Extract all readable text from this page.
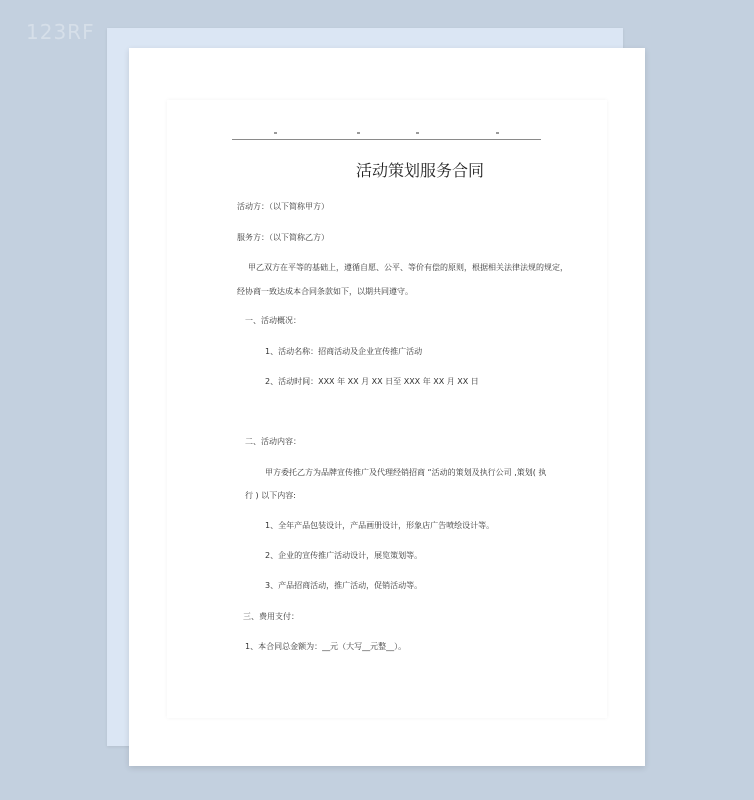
123RF
活动策划服务合同
活动方：（以下简称甲方）
服务方：（以下简称乙方）
甲乙双方在平等的基础上，遵循自愿、公平、等价有偿的原则，根据相关法律法规的规定，
经协商一致达成本合同条款如下，以期共同遵守。
一、活动概况：
1、活动名称：招商活动及企业宣传推广活动
2、活动时间：XXX 年 XX 月 XX 日至 XXX 年 XX 月 XX 日
二、活动内容：
甲方委托乙方为品牌宣传推广及代理经销招商 “活动的策划及执行公司 ,策划( 执
行 ) 以下内容:
1、全年产品包装设计，产品画册设计，形象店广告喷绘设计等。
2、企业的宣传推广活动设计，展览策划等。
3、产品招商活动，推广活动，促销活动等。
三、费用支付：
1、本合同总金额为：__元（大写__元整__）。
